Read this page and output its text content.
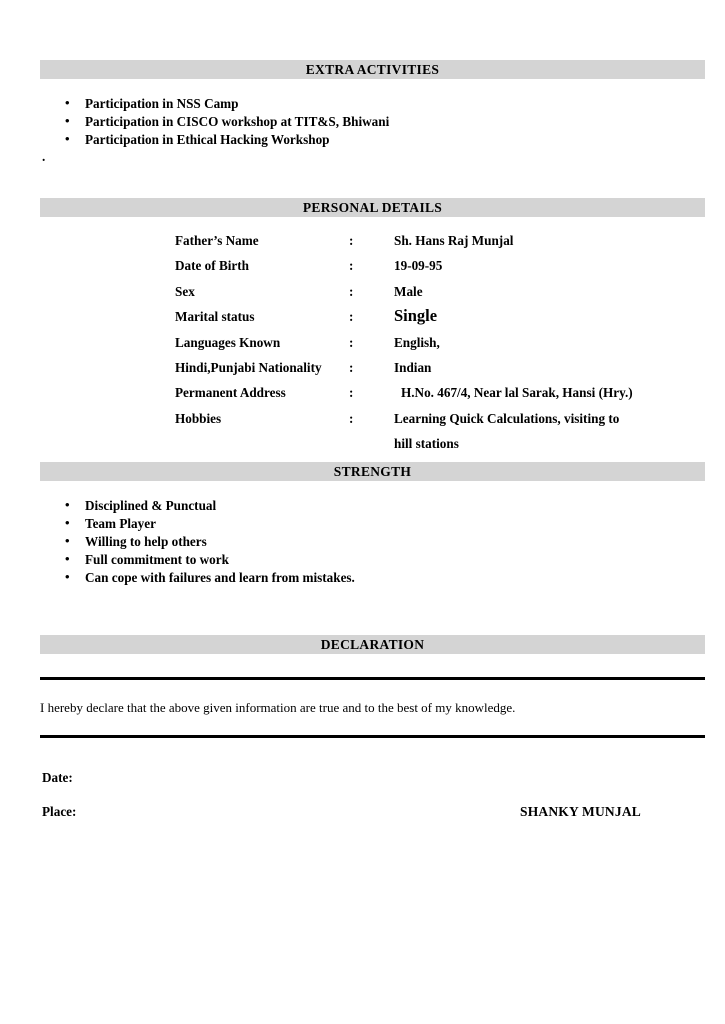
EXTRA ACTIVITIES
• Participation in NSS Camp
• Participation in CISCO workshop at TIT&S, Bhiwani
• Participation in Ethical Hacking Workshop
.
PERSONAL DETAILS
Father’s Name	:	Sh. Hans Raj Munjal
Date of Birth	:	19-09-95
Sex	:	Male
Marital status	: Single
Languages Known	:	English,
Hindi,Punjabi Nationality :	Indian
Permanent Address	:	H.No. 467/4, Near lal Sarak, Hansi (Hry.)
Hobbies	:	Learning Quick Calculations, visiting to
hill stations
STRENGTH
• Disciplined & Punctual
• Team Player
• Willing to help others
• Full commitment to work
• Can cope with failures and learn from mistakes.
DECLARATION
I hereby declare that the above given information are true and to the best of my knowledge.
Date:
Place:	SHANKY MUNJAL
